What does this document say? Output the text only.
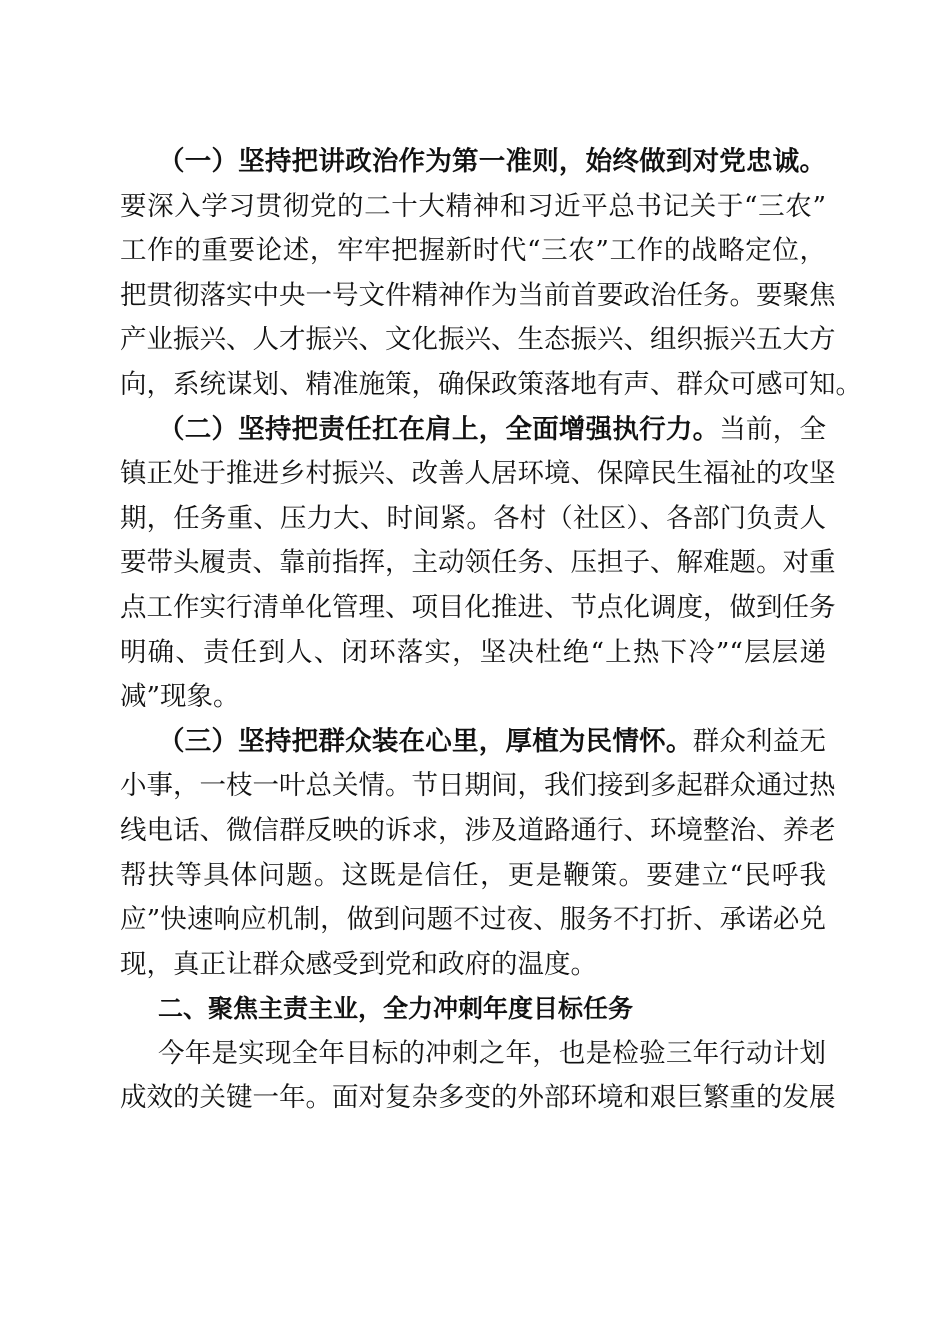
（一）坚持把讲政治作为第一准则，始终做到对党忠诚。
要深入学习贯彻党的二十大精神和习近平总书记关于“三农”
工作的重要论述，牢牢把握新时代“三农”工作的战略定位，
把贯彻落实中央一号文件精神作为当前首要政治任务。要聚焦
产业振兴、人才振兴、文化振兴、生态振兴、组织振兴五大方
向，系统谋划、精准施策，确保政策落地有声、群众可感可知。
（二）坚持把责任扛在肩上，全面增强执行力。当前，全
镇正处于推进乡村振兴、改善人居环境、保障民生福祉的攻坚
期，任务重、压力大、时间紧。各村（社区）、各部门负责人
要带头履责、靠前指挥，主动领任务、压担子、解难题。对重
点工作实行清单化管理、项目化推进、节点化调度，做到任务
明确、责任到人、闭环落实，坚决杜绝“上热下冷”“层层递
减”现象。
（三）坚持把群众装在心里，厚植为民情怀。群众利益无
小事，一枝一叶总关情。节日期间，我们接到多起群众通过热
线电话、微信群反映的诉求，涉及道路通行、环境整治、养老
帮扶等具体问题。这既是信任，更是鞭策。要建立“民呼我
应”快速响应机制，做到问题不过夜、服务不打折、承诺必兑
现，真正让群众感受到党和政府的温度。
二、聚焦主责主业，全力冲刺年度目标任务
今年是实现全年目标的冲刺之年，也是检验三年行动计划
成效的关键一年。面对复杂多变的外部环境和艰巨繁重的发展
